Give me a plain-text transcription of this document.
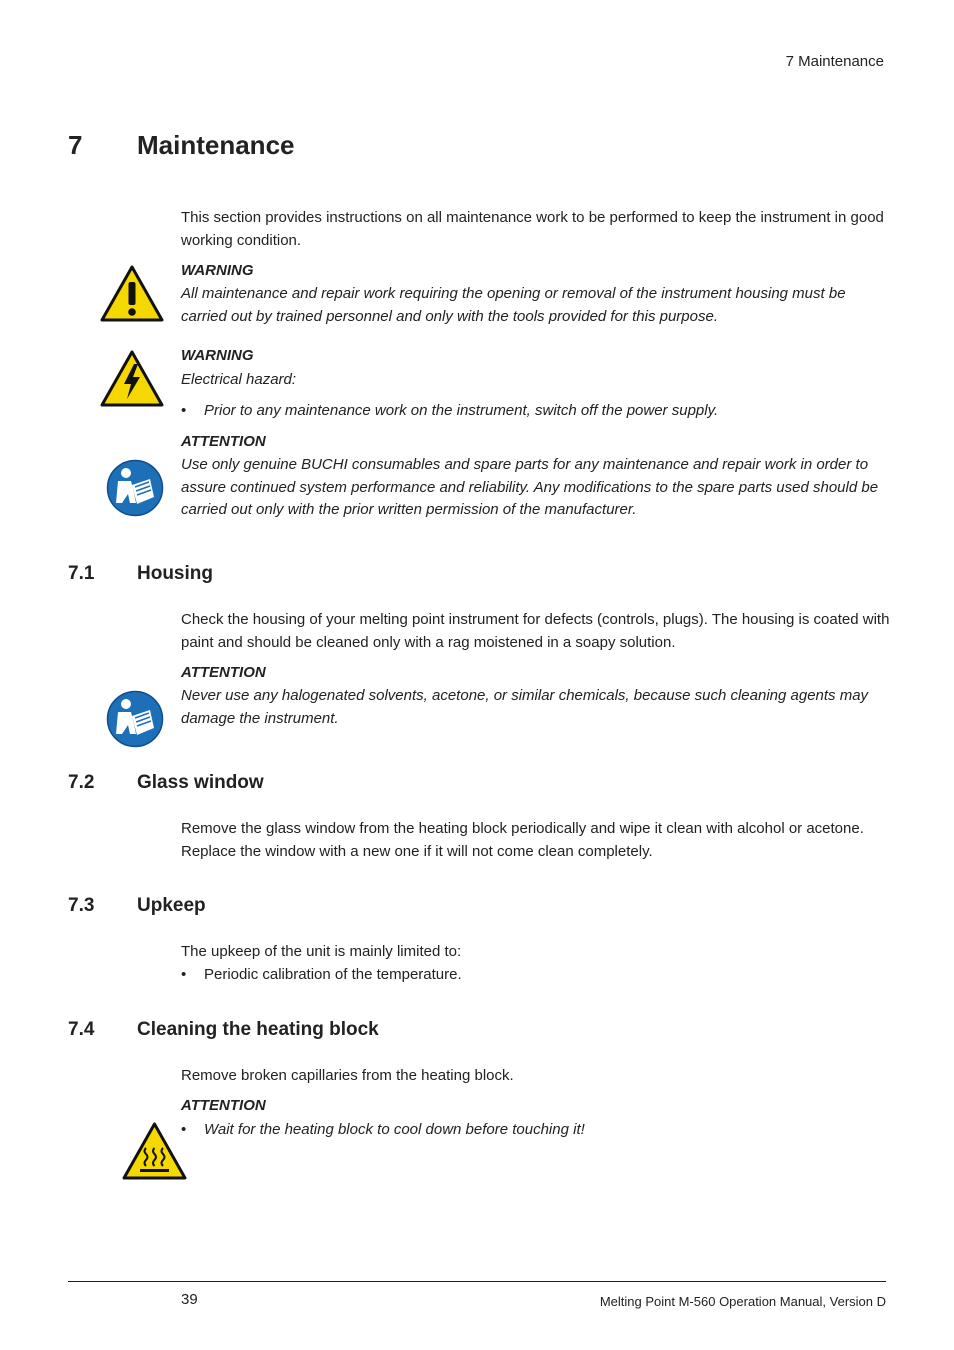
7 Maintenance
7 Maintenance

This section provides instructions on all maintenance work to be performed to keep the instrument in good working condition.

WARNING

All maintenance and repair work requiring the opening or removal of the instrument housing must be carried out by trained personnel and only with the tools provided for this purpose.

WARNING

Electrical hazard:

• Prior to any maintenance work on the instrument, switch off the power supply.

ATTENTION

Use only genuine BUCHI consumables and spare parts for any maintenance and repair work in order to assure continued system performance and reliability. Any modifications to the spare parts used should be carried out only with the prior written permission of the manufacturer.

7.1 Housing

Check the housing of your melting point instrument for defects (controls, plugs). The housing is coated with paint and should be cleaned only with a rag moistened in a soapy solution.

ATTENTION

Never use any halogenated solvents, acetone, or similar chemicals, because such cleaning agents may damage the instrument.

7.2 Glass window

Remove the glass window from the heating block periodically and wipe it clean with alcohol or acetone. Replace the window with a new one if it will not come clean completely.

7.3 Upkeep

The upkeep of the unit is mainly limited to:

• Periodic calibration of the temperature.

7.4 Cleaning the heating block

Remove broken capillaries from the heating block.

ATTENTION

• Wait for the heating block to cool down before touching it!

39	Melting Point M-560 Operation Manual, Version D
